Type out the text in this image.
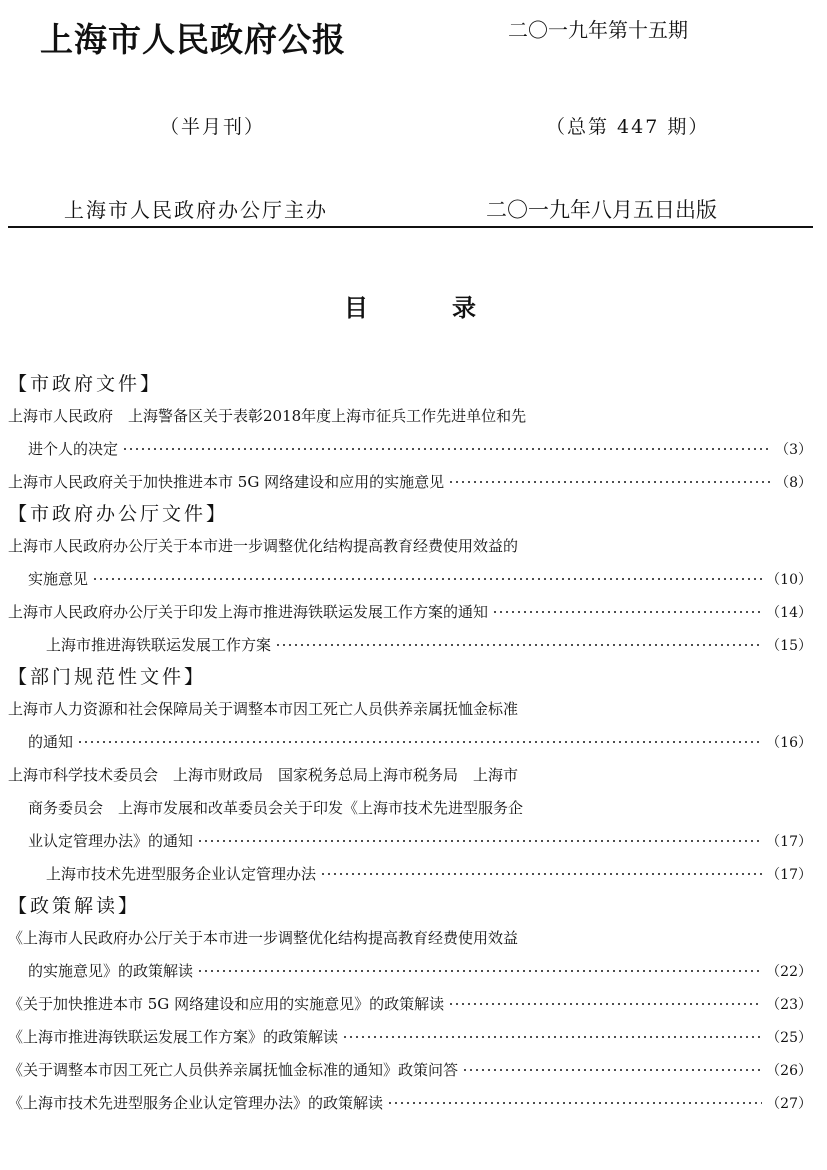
上海市人民政府公报	二〇一九年第十五期
（半月刊）	（总第 447 期）
上海市人民政府办公厅主办	二〇一九年八月五日出版
目	录
【市政府文件】
上海市人民政府　上海警备区关于表彰2018年度上海市征兵工作先进单位和先
进个人的决定	（3）
上海市人民政府关于加快推进本市 5G 网络建设和应用的实施意见	（8）
【市政府办公厅文件】
上海市人民政府办公厅关于本市进一步调整优化结构提高教育经费使用效益的
实施意见	（10）
上海市人民政府办公厅关于印发上海市推进海铁联运发展工作方案的通知	（14）
上海市推进海铁联运发展工作方案	（15）
【部门规范性文件】
上海市人力资源和社会保障局关于调整本市因工死亡人员供养亲属抚恤金标准
的通知	（16）
上海市科学技术委员会　上海市财政局　国家税务总局上海市税务局　上海市
商务委员会　上海市发展和改革委员会关于印发《上海市技术先进型服务企
业认定管理办法》的通知	（17）
上海市技术先进型服务企业认定管理办法	（17）
【政策解读】
《上海市人民政府办公厅关于本市进一步调整优化结构提高教育经费使用效益
的实施意见》的政策解读	（22）
《关于加快推进本市 5G 网络建设和应用的实施意见》的政策解读	（23）
《上海市推进海铁联运发展工作方案》的政策解读	（25）
《关于调整本市因工死亡人员供养亲属抚恤金标准的通知》政策问答	（26）
《上海市技术先进型服务企业认定管理办法》的政策解读	（27）
